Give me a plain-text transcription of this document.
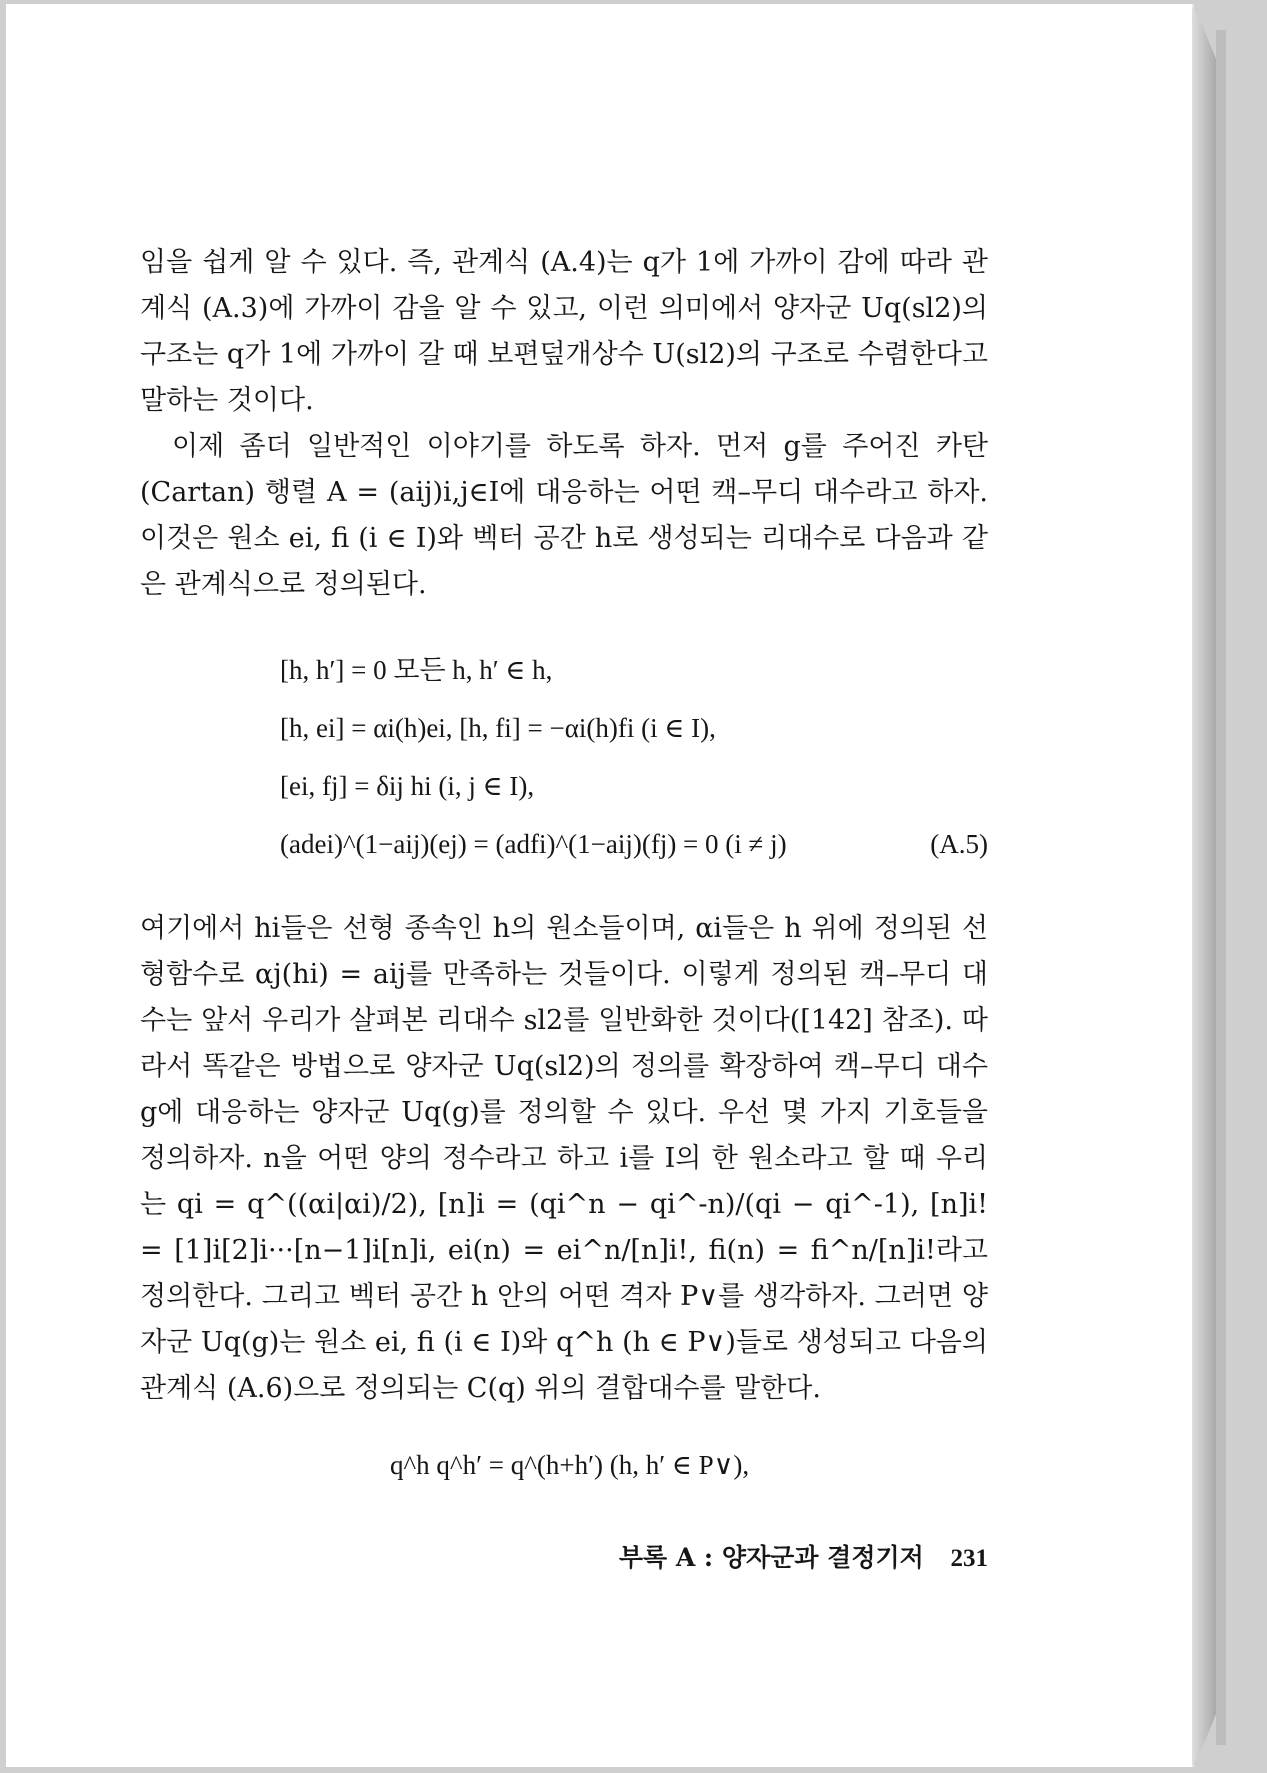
임을 쉽게 알 수 있다. 즉, 관계식 (A.4)는 q가 1에 가까이 감에 따라 관계식 (A.3)에 가까이 감을 알 수 있고, 이런 의미에서 양자군 Uq(sl2)의 구조는 q가 1에 가까이 갈 때 보편덮개상수 U(sl2)의 구조로 수렴한다고 말하는 것이다.

이제 좀더 일반적인 이야기를 하도록 하자. 먼저 g를 주어진 카탄(Cartan) 행렬 A = (aij)i,j∈I에 대응하는 어떤 캑–무디 대수라고 하자. 이것은 원소 ei, fi (i ∈ I)와 벡터 공간 h로 생성되는 리대수로 다음과 같은 관계식으로 정의된다.

[h, h′] = 0 모든 h, h′ ∈ h,
[h, ei] = αi(h)ei, [h, fi] = −αi(h)fi (i ∈ I),
[ei, fj] = δij hi (i, j ∈ I),
(adei)^(1−aij)(ej) = (adfi)^(1−aij)(fj) = 0 (i ≠ j)	(A.5)

여기에서 hi들은 선형 종속인 h의 원소들이며, αi들은 h 위에 정의된 선형함수로 αj(hi) = aij를 만족하는 것들이다. 이렇게 정의된 캑–무디 대수는 앞서 우리가 살펴본 리대수 sl2를 일반화한 것이다([142] 참조). 따라서 똑같은 방법으로 양자군 Uq(sl2)의 정의를 확장하여 캑–무디 대수 g에 대응하는 양자군 Uq(g)를 정의할 수 있다. 우선 몇 가지 기호들을 정의하자. n을 어떤 양의 정수라고 하고 i를 I의 한 원소라고 할 때 우리는 qi = q^((αi|αi)/2), [n]i = (qi^n − qi^-n)/(qi − qi^-1), [n]i! = [1]i[2]i···[n−1]i[n]i, ei(n) = ei^n/[n]i!, fi(n) = fi^n/[n]i!라고 정의한다. 그리고 벡터 공간 h 안의 어떤 격자 P∨를 생각하자. 그러면 양자군 Uq(g)는 원소 ei, fi (i ∈ I)와 q^h (h ∈ P∨)들로 생성되고 다음의 관계식 (A.6)으로 정의되는 C(q) 위의 결합대수를 말한다.

q^h q^h′ = q^(h+h′) (h, h′ ∈ P∨),
부록 A : 양자군과 결정기저 231
